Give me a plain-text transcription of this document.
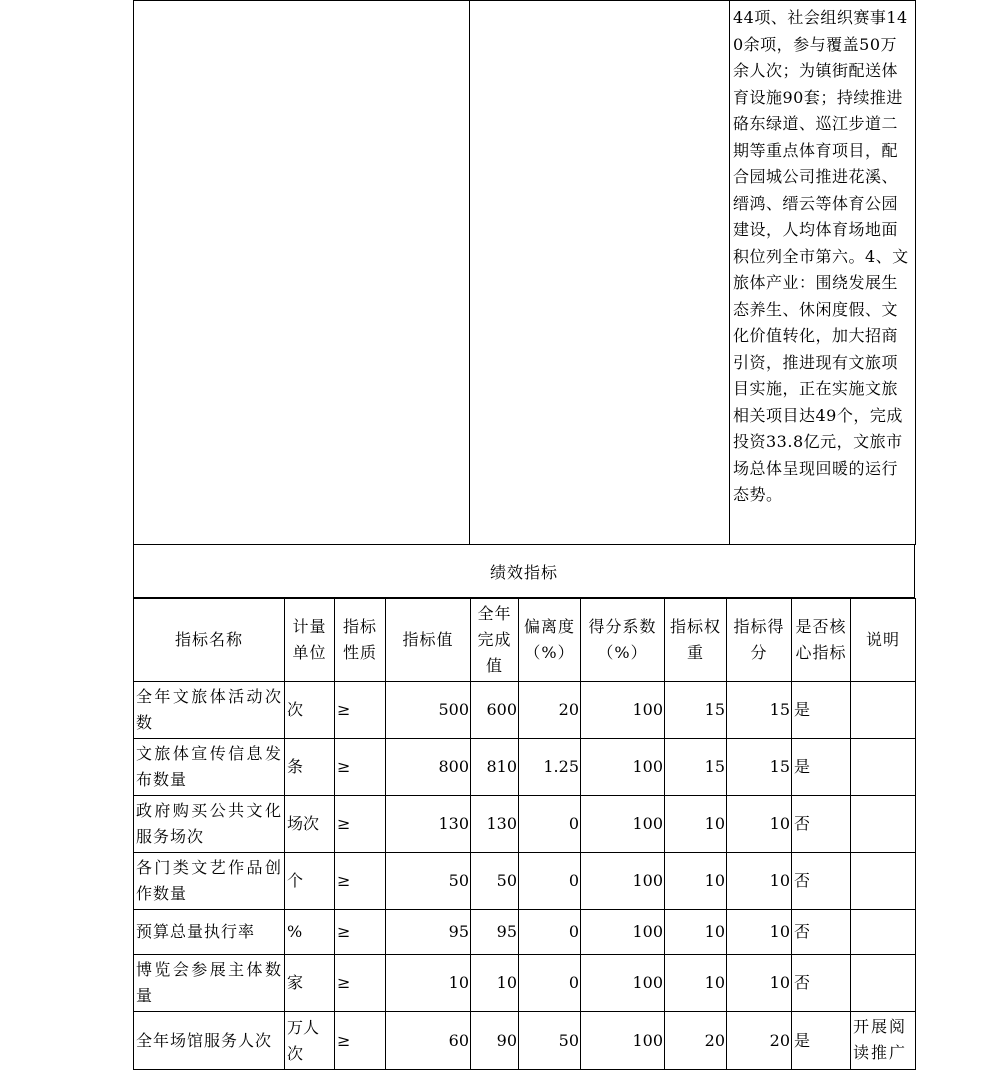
		44项、社会组织赛事140余项，参与覆盖50万余人次；为镇街配送体育设施90套；持续推进硌东绿道、巡江步道二期等重点体育项目，配合园城公司推进花溪、缙鸿、缙云等体育公园建设，人均体育场地面积位列全市第六。4、文旅体产业：围绕发展生态养生、休闲度假、文化价值转化，加大招商引资，推进现有文旅项目实施，正在实施文旅相关项目达49个，完成投资33.8亿元，文旅市场总体呈现回暖的运行态势。
绩效指标
指标名称	计量单位	指标性质	指标值	全年完成值	偏离度（%）	得分系数（%）	指标权重	指标得分	是否核心指标	说明
全年文旅体活动次数	次	≥	500	600	20	100	15	15	是	
文旅体宣传信息发布数量	条	≥	800	810	1.25	100	15	15	是	
政府购买公共文化服务场次	场次	≥	130	130	0	100	10	10	否	
各门类文艺作品创作数量	个	≥	50	50	0	100	10	10	否	
预算总量执行率	%	≥	95	95	0	100	10	10	否	
博览会参展主体数量	家	≥	10	10	0	100	10	10	否	
全年场馆服务人次	万人次	≥	60	90	50	100	20	20	是	开展阅读推广
